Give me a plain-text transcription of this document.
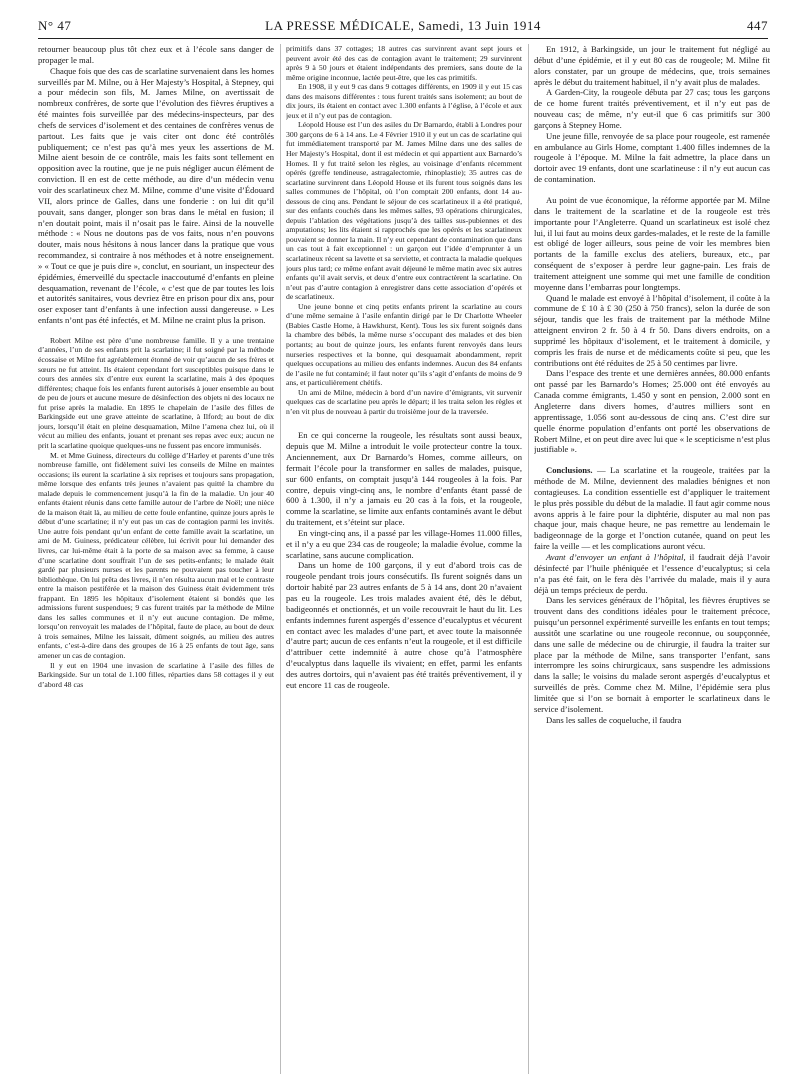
N° 47	LA PRESSE MÉDICALE, Samedi, 13 Juin 1914	447

retourner beaucoup plus tôt chez eux et à l’école sans danger de propager le mal.

Chaque fois que des cas de scarlatine survenaient dans les homes surveillés par M. Milne, ou à Her Majesty’s Hospital, à Stepney, qui a pour médecin son fils, M. James Milne, on avertissait de nombreux confrères, de sorte que l’évolution des fièvres éruptives a été maintes fois surveillée par des médecins-inspecteurs, par des chefs de services d’isolement et des centaines de confrères venus de partout. Les faits que je vais citer ont donc été contrôlés publiquement; ce n’est pas qu’à mes yeux les assertions de M. Milne aient besoin de ce contrôle, mais les faits sont tellement en opposition avec la routine, que je ne puis négliger aucun élément de conviction. Il en est de cette méthode, au dire d’un médecin venu voir des scarlatineux chez M. Milne, comme d’une visite d’Édouard VII, alors prince de Galles, dans une fonderie : on lui dit qu’il pouvait, sans danger, plonger son bras dans le métal en fusion; il n’en doutait point, mais il n’osait pas le faire. Ainsi de la nouvelle méthode : « Nous ne doutons pas de vos faits, nous n’en pouvons douter, mais nous hésitons à nous lancer dans la pratique que vous recommandez, si contraire à nos méthodes et à notre enseignement. » « Tout ce que je puis dire », conclut, en souriant, un inspecteur des épidémies, émerveillé du spectacle inaccoutumé d’enfants en pleine desquamation, revenant de l’école, « c’est que de par toutes les lois et autorités sanitaires, vous devriez être en prison pour dix ans, pour oser exposer tant d’enfants à une infection aussi dangereuse. » Les enfants n’ont pas été infectés, et M. Milne ne craint plus la prison.

Robert Milne est père d’une nombreuse famille. Il y a une trentaine d’années, l’un de ses enfants prit la scarlatine; il fut soigné par la méthode écossaise et Milne fut agréablement étonné de voir qu’aucun de ses frères et sœurs ne fut atteint. Ils étaient cependant fort susceptibles puisque dans le cours des années six d’entre eux eurent la scarlatine, mais à des époques différentes; chaque fois les enfants furent autorisés à jouer ensemble au bout de peu de jours et aucune mesure de désinfection des objets ni des locaux ne fut prise après la maladie. En 1895 le chapelain de l’asile des filles de Barkingside eut une grave atteinte de scarlatine, à Ilford; au bout de dix jours, lorsqu’il était en pleine desquamation, Milne l’amena chez lui, où il vécut au milieu des enfants, jouant et prenant ses repas avec eux; aucun ne prit la scarlatine quoique quelques-uns ne fussent pas encore immunisés.

M. et Mme Guiness, directeurs du collège d’Harley et parents d’une très nombreuse famille, ont fidèlement suivi les conseils de Milne en maintes occasions; ils eurent la scarlatine à six reprises et toujours sans propagation, même lorsque des enfants très jeunes n’avaient pas quitté la chambre du malade depuis le commencement jusqu’à la fin de la maladie. Un jour 40 enfants étaient réunis dans cette famille autour de l’arbre de Noël; une nièce de la maison était là, au milieu de cette foule enfantine, quinze jours après le début d’une scarlatine; il n’y eut pas un cas de contagion parmi les invités. Une autre fois pendant qu’un enfant de cette famille avait la scarlatine, un ami de M. Guiness, prédicateur célèbre, lui écrivit pour lui demander des livres, car lui-même était à la porte de sa maison avec sa femme, à cause d’une scarlatine dont souffrait l’un de ses petits-enfants; le malade était gardé par plusieurs nurses et les parents ne pouvaient pas toucher à leur bibliothèque. On lui prêta des livres, il n’en résulta aucun mal et le contraste entre la maison pestiférée et la maison des Guiness était évidemment très frappant. En 1895 les hôpitaux d’isolement étaient si bondés que les admissions furent suspendues; 9 cas furent traités par la méthode de Milne dans les salles communes et il n’y eut aucune contagion. De même, lorsqu’on renvoyait les malades de l’hôpital, faute de place, au bout de deux à trois semaines, Milne les laissait, dûment soignés, au milieu des autres enfants, c’est-à-dire dans des groupes de 16 à 25 enfants de tout âge, sans amener un cas de contagion.

Il y eut en 1904 une invasion de scarlatine à l’asile des filles de Barkingside. Sur un total de 1.100 filles, réparties dans 58 cottages il y eut d’abord 48 cas

primitifs dans 37 cottages; 18 autres cas survinrent avant sept jours et peuvent avoir été des cas de contagion avant le traitement; 29 survinrent après 9 à 50 jours et étaient indépendants des premiers, sans doute de la même origine inconnue, lactée peut-être, que les cas primitifs.

En 1908, il y eut 9 cas dans 9 cottages différents, en 1909 il y eut 15 cas dans des maisons différentes : tous furent traités sans isolement; au bout de dix jours, ils étaient en contact avec 1.300 enfants à l’église, à l’école et aux jeux et il n’y eut pas de contagion.

Léopold House est l’un des asiles du Dr Barnardo, établi à Londres pour 300 garçons de 6 à 14 ans. Le 4 Février 1910 il y eut un cas de scarlatine qui fut immédiatement transporté par M. James Milne dans une des salles de Her Majesty’s Hospital, dont il est médecin et qui appartient aux Barnardo’s Homes. Il y fut traité selon les règles, au voisinage d’enfants récemment opérés (greffe tendineuse, astragalectomie, rhinoplastie); 35 autres cas de scarlatine survinrent dans Léopold House et ils furent tous soignés dans les salles communes de l’hôpital, où l’on comptait 200 enfants, dont 14 au-dessous de cinq ans. Pendant le séjour de ces scarlatineux il a été pratiqué, sur des enfants couchés dans les mêmes salles, 93 opérations chirurgicales, depuis l’ablation des végétations jusqu’à des tailles sus-pubiennes et des amputations; les lits étaient si rapprochés que les opérés et les scarlatineux pouvaient se donner la main. Il n’y eut cependant de contamination que dans un cas tout à fait exceptionnel : un garçon eut l’idée d’emprunter à un scarlatineux récent sa lavette et sa serviette, et contracta la maladie quelques jours plus tard; ce même enfant avait déjeuné le même matin avec six autres enfants qu’il avait servis, et deux d’entre eux contractèrent la scarlatine. On n’eut pas d’autre contagion à enregistrer dans cette association d’opérés et de scarlatineux.

Une jeune bonne et cinq petits enfants prirent la scarlatine au cours d’une même semaine à l’asile enfantin dirigé par le Dr Charlotte Wheeler (Babies Castle Home, à Hawkhurst, Kent). Tous les six furent soignés dans la chambre des bébés, la même nurse s’occupant des malades et des bien portants; au bout de quinze jours, les enfants furent renvoyés dans leurs nurseries respectives et la bonne, qui desquamait abondamment, reprit quelques occupations au milieu des enfants indemnes. Aucun des 84 enfants de l’asile ne fut contaminé; il faut noter qu’ils s’agit d’enfants de moins de 9 ans, et particulièrement chétifs.

Un ami de Milne, médecin à bord d’un navire d’émigrants, vit survenir quelques cas de scarlatine peu après le départ; il les traita selon les règles et n’en vit plus de nouveau à partir du troisième jour de la traversée.

En ce qui concerne la rougeole, les résultats sont aussi beaux, depuis que M. Milne a introduit le voile protecteur contre la toux. Anciennement, aux Dr Barnardo’s Homes, comme ailleurs, on fermait l’école pour la transformer en salles de malades, puisque, sur 600 enfants, on comptait jusqu’à 144 rougeoles à la fois. Par contre, depuis vingt-cinq ans, le nombre d’enfants étant passé de 600 à 1.300, il n’y a jamais eu 20 cas à la fois, et la rougeole, comme la scarlatine, se limite aux enfants contaminés avant le début du traitement, et s’éteint sur place.

En vingt-cinq ans, il a passé par les village-Homes 11.000 filles, et il n’y a eu que 234 cas de rougeole; la maladie évolue, comme la scarlatine, sans aucune complication.

Dans un home de 100 garçons, il y eut d’abord trois cas de rougeole pendant trois jours consécutifs. Ils furent soignés dans un dortoir habité par 23 autres enfants de 5 à 14 ans, dont 20 n’avaient pas eu la rougeole. Les trois malades avaient été, dès le début, badigeonnés et onctionnés, et un voile recouvrait le haut du lit. Les enfants indemnes furent aspergés d’essence d’eucalyptus et vécurent en contact avec les malades d’une part, et avec toute la maisonnée d’autre part; aucun de ces enfants n’eut la rougeole, et il est difficile d’attribuer cette indemnité à autre chose qu’à l’atmosphère d’eucalyptus dans laquelle ils vivaient; en effet, parmi les enfants des autres dortoirs, qui n’avaient pas été traités préventivement, il y eut encore 11 cas de rougeole.

En 1912, à Barkingside, un jour le traitement fut négligé au début d’une épidémie, et il y eut 80 cas de rougeole; M. Milne fit alors constater, par un groupe de médecins, que, trois semaines après le début du traitement habituel, il n’y avait plus de malades.

A Garden-City, la rougeole débuta par 27 cas; tous les garçons de ce home furent traités préventivement, et il n’y eut pas de nouveau cas; de même, n’y eut-il que 6 cas primitifs sur 300 garçons à Stepney Home.

Une jeune fille, renvoyée de sa place pour rougeole, est ramenée en ambulance au Girls Home, comptant 1.400 filles indemnes de la rougeole à l’époque. M. Milne la fait admettre, la place dans un dortoir avec 19 enfants, dont une scarlatineuse : il n’y eut aucun cas de contamination.

Au point de vue économique, la réforme apportée par M. Milne dans le traitement de la scarlatine et de la rougeole est très importante pour l’Angleterre. Quand un scarlatineux est isolé chez lui, il lui faut au moins deux gardes-malades, et le reste de la famille est obligé de loger ailleurs, sous peine de voir les membres bien portants de la famille exclus des ateliers, bureaux, etc., par conséquent de s’exposer à perdre leur gagne-pain. Les frais de traitement atteignent une somme qui met une famille de condition moyenne dans l’embarras pour longtemps.

Quand le malade est envoyé à l’hôpital d’isolement, il coûte à la commune de £ 10 à £ 30 (250 à 750 francs), selon la durée de son séjour, tandis que les frais de traitement par la méthode Milne atteignent environ 2 fr. 50 à 4 fr 50. Dans divers endroits, on a supprimé les hôpitaux d’isolement, et le traitement à domicile, y compris les frais de nurse et de médicaments coûte si peu, que les contributions ont été réduites de 25 à 50 centimes par livre.

Dans l’espace des trente et une dernières années, 80.000 enfants ont passé par les Barnardo’s Homes; 25.000 ont été envoyés au Canada comme émigrants, 1.450 y sont en pension, 2.000 sont en Angleterre dans divers homes, d’autres milliers sont en apprentissage, 1.056 sont au-dessous de cinq ans. C’est dire sur quelle énorme population d’enfants ont porté les observations de Robert Milne, et on peut dire avec lui que « le scepticisme n’est plus justifiable ».

Conclusions. — La scarlatine et la rougeole, traitées par la méthode de M. Milne, deviennent des maladies bénignes et non contagieuses. La condition essentielle est d’appliquer le traitement le plus près possible du début de la maladie. Il faut agir comme nous avons appris à le faire pour la diphtérie, disputer au mal non pas chaque jour, mais chaque heure, ne pas remettre au lendemain le badigeonnage de la gorge et l’onction cutanée, quand on peut les faire la veille — et les complications auront vécu.

Avant d’envoyer un enfant à l’hôpital, il faudrait déjà l’avoir désinfecté par l’huile phéniquée et l’essence d’eucalyptus; si cela n’a pas été fait, on le fera dès l’arrivée du malade, mais il y aura déjà un temps précieux de perdu.

Dans les services généraux de l’hôpital, les fièvres éruptives se trouvent dans des conditions idéales pour le traitement précoce, puisqu’un personnel expérimenté surveille les enfants en tout temps; aussitôt une scarlatine ou une rougeole reconnue, ou soupçonnée, dans une salle de médecine ou de chirurgie, il faudra la traiter sur place par la méthode de Milne, sans transporter l’enfant, sans interrompre les soins chirurgicaux, sans suspendre les admissions dans la salle; le voisins du malade seront aspergés d’eucalyptus et surveillés de près. Comme chez M. Milne, l’épidémie sera plus limitée que si l’on se bornait à emporter le scarlatineux dans le service d’isolement.

Dans les salles de coqueluche, il faudra
